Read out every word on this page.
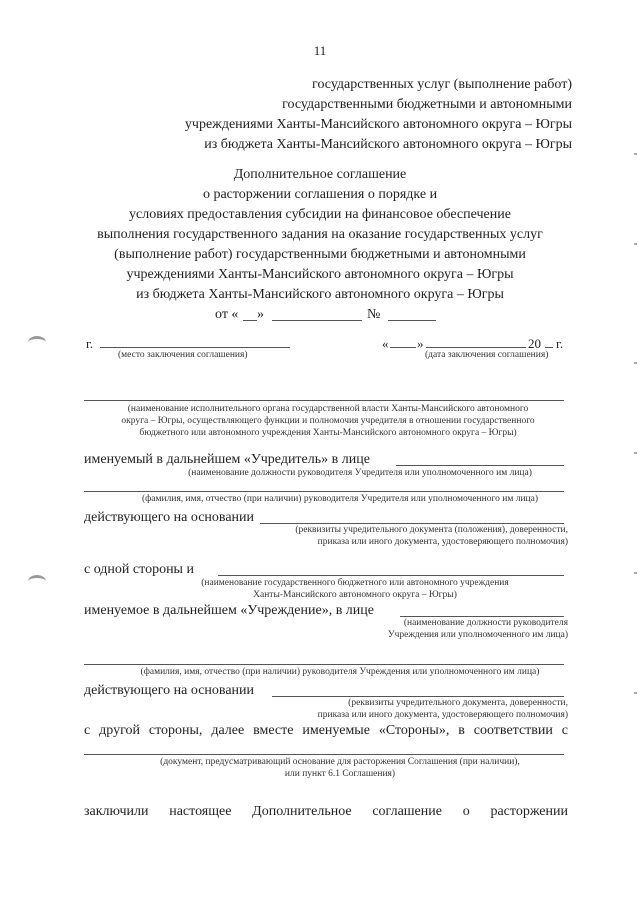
11
государственных услуг (выполнение работ)
государственными бюджетными и автономными
учреждениями Ханты-Мансийского автономного округа – Югры
из бюджета Ханты-Мансийского автономного округа – Югры
Дополнительное соглашение
о расторжении соглашения о порядке и
условиях предоставления субсидии на финансовое обеспечение
выполнения государственного задания на оказание государственных услуг
(выполнение работ) государственными бюджетными и автономными
учреждениями Ханты-Мансийского автономного округа – Югры
из бюджета Ханты-Мансийского автономного округа – Югры
от « »	№
г.
(место заключения соглашения)
« »	20 г.
(дата заключения соглашения)
(наименование исполнительного органа государственной власти Ханты-Мансийского автономного
округа – Югры, осуществляющего функции и полномочия учредителя в отношении государственного
бюджетного или автономного учреждения Ханты-Мансийского автономного округа – Югры)
именуемый в дальнейшем «Учредитель» в лице
(наименование должности руководителя Учредителя или уполномоченного им лица)
(фамилия, имя, отчество (при наличии) руководителя Учредителя или уполномоченного им лица)
действующего на основании
(реквизиты учредительного документа (положения), доверенности,
приказа или иного документа, удостоверяющего полномочия)
с одной стороны и
(наименование государственного бюджетного или автономного учреждения
Ханты-Мансийского автономного округа – Югры)
именуемое в дальнейшем «Учреждение», в лице
(наименование должности руководителя
Учреждения или уполномоченного им лица)
(фамилия, имя, отчество (при наличии) руководителя Учреждения или уполномоченного им лица)
действующего на основании
(реквизиты учредительного документа, доверенности,
приказа или иного документа, удостоверяющего полномочия)
с другой стороны, далее вместе именуемые «Стороны», в соответствии с
(документ, предусматривающий основание для расторжения Соглашения (при наличии),
или пункт 6.1 Соглашения)
заключили настоящее Дополнительное соглашение о расторжении
